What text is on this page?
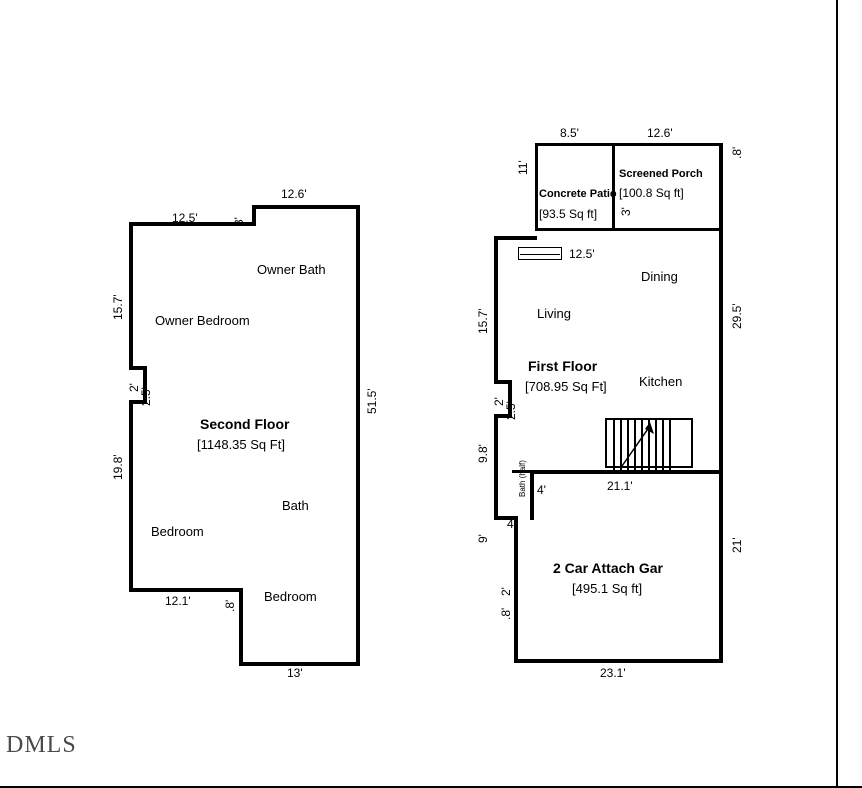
Owner Bath
Owner Bedroom
Bath
Bedroom
Bedroom
Second Floor
[1148.35 Sq Ft]
12.6'
12.5'	3'
15.7'
2'
2.5'	51.5'
19.8'
12.1'	.8'
13'
Screened Porch
[100.8 Sq ft]
Concrete Patio
[93.5 Sq ft]
Dining
Living
Kitchen
Bath (half)
2 Car Attach Gar
[495.1 Sq ft]
First Floor
[708.95 Sq Ft]
8.5'	12.6'
11'
.8'
3'
12.5'
15.7'	29.5'
2'
2.5'
9.8'
4'	21.1'
4'
9'	21'
2'
.8'
23.1'
DMLS
